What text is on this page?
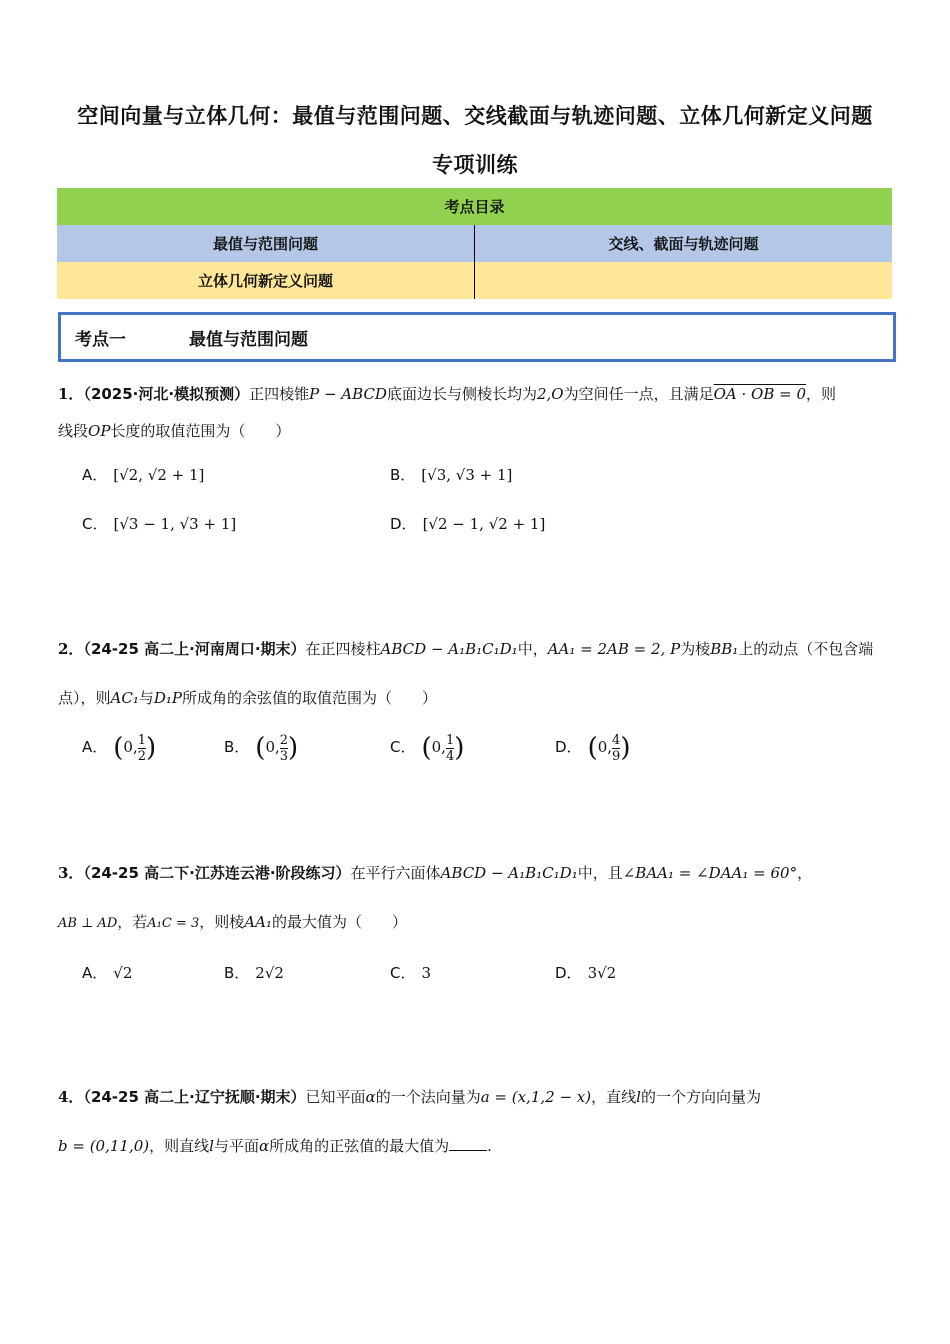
空间向量与立体几何：最值与范围问题、交线截面与轨迹问题、立体几何新定义问题
专项训练
考点目录	
最值与范围问题	交线、截面与轨迹问题
立体几何新定义问题	
考点一	最值与范围问题
1．（2025·河北·模拟预测）正四棱锥P − ABCD底面边长与侧棱长均为2,O为空间任一点，且满足OA · OB = 0，则
线段OP长度的取值范围为（　　）
A． [√2, √2 + 1]	B． [√3, √3 + 1]
C． [√3 − 1, √3 + 1]	D． [√2 − 1, √2 + 1]
2．（24-25 高二上·河南周口·期末）在正四棱柱ABCD − A₁B₁C₁D₁中，AA₁ = 2AB = 2, P为棱BB₁上的动点（不包含端
点），则AC₁与D₁P所成角的余弦值的取值范围为（　　）
A． (0, $\frac{1}{2}$ )	B． (0, $\frac{2}{3}$ )	C． (0, $\frac{1}{4}$ )	D． (0, $\frac{4}{9}$ )
3．（24-25 高二下·江苏连云港·阶段练习）在平行六面体ABCD − A₁B₁C₁D₁中，且∠BAA₁ = ∠DAA₁ = 60°，
AB ⊥ AD，若A₁C = 3，则棱AA₁的最大值为（　　）
A． √2	B． 2√2	C． 3	D． 3√2
4．（24-25 高二上·辽宁抚顺·期末）已知平面α的一个法向量为a = (x,1,2 − x)，直线l的一个方向向量为
b = (0,11,0)，则直线l与平面α所成角的正弦值的最大值为	.
